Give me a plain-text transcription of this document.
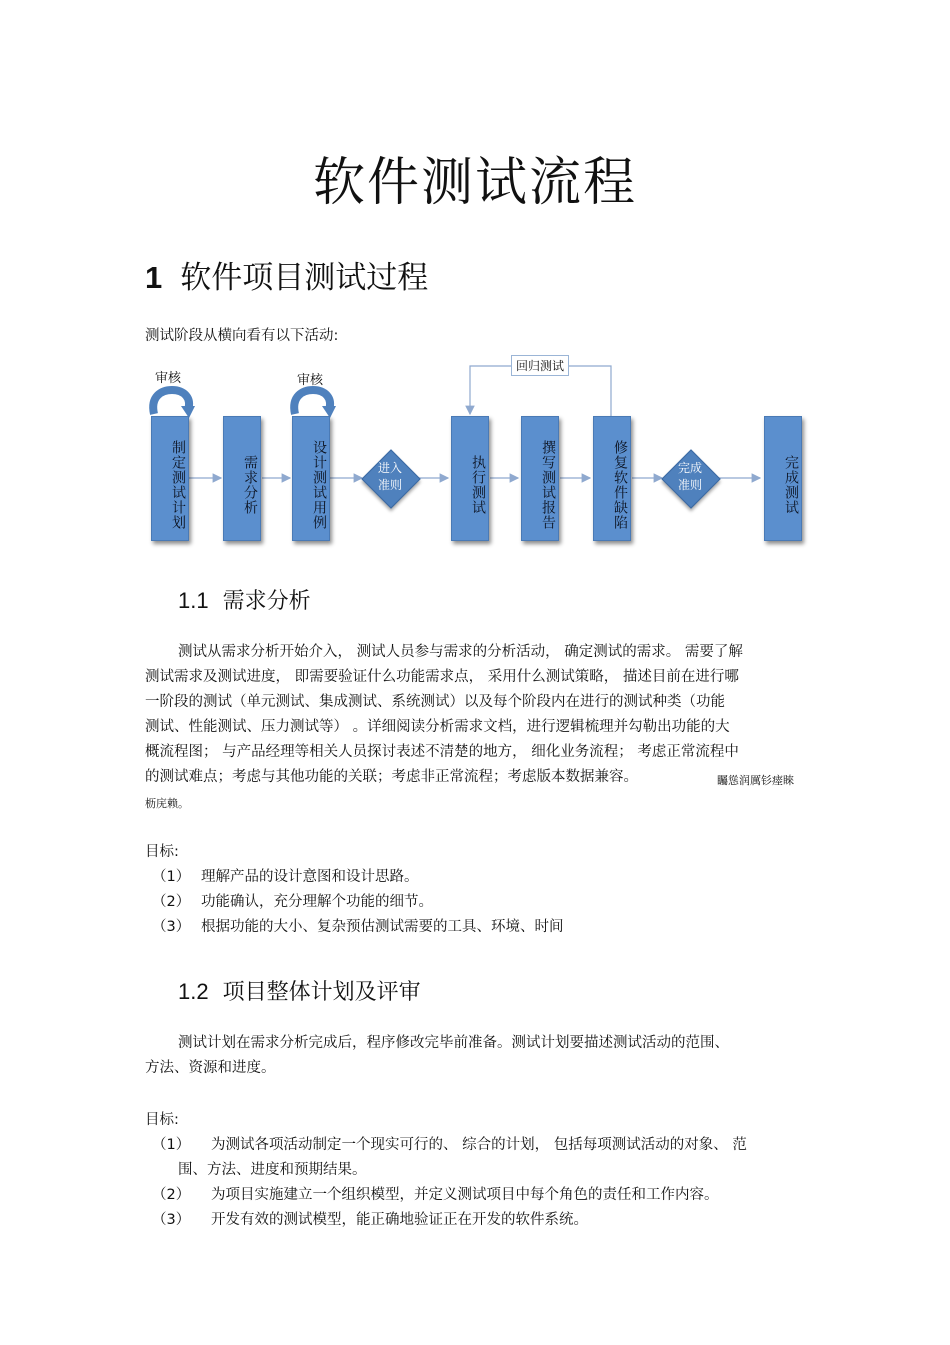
软件测试流程
1 软件项目测试过程
测试阶段从横向看有以下活动:
审核	审核
回归测试
制定测试计划	需求分析	设计测试用例	进入
准则	执行测试	撰写测试报告	修复软件缺陷	完成
准则	完成测试
1.1 需求分析
测试从需求分析开始介入， 测试人员参与需求的分析活动， 确定测试的需求。 需要了解
测试需求及测试进度， 即需要验证什么功能需求点， 采用什么测试策略， 描述目前在进行哪
一阶段的测试（单元测试、集成测试、系统测试）以及每个阶段内在进行的测试种类（功能
测试、性能测试、压力测试等） 。详细阅读分析需求文档，进行逻辑梳理并勾勒出功能的大
概流程图； 与产品经理等相关人员探讨表述不清楚的地方， 细化业务流程； 考虑正常流程中
的测试难点；考虑与其他功能的关联；考虑非正常流程；考虑版本数据兼容。	矚慫润厲钐瘗睞
枥庑赖。
目标:
（1） 理解产品的设计意图和设计思路。
（2） 功能确认，充分理解个功能的细节。
（3） 根据功能的大小、复杂预估测试需要的工具、环境、时间
1.2 项目整体计划及评审
测试计划在需求分析完成后，程序修改完毕前准备。测试计划要描述测试活动的范围、
方法、资源和进度。
目标:
（1） 为测试各项活动制定一个现实可行的、 综合的计划， 包括每项测试活动的对象、 范
围、方法、进度和预期结果。
（2） 为项目实施建立一个组织模型，并定义测试项目中每个角色的责任和工作内容。
（3） 开发有效的测试模型，能正确地验证正在开发的软件系统。
